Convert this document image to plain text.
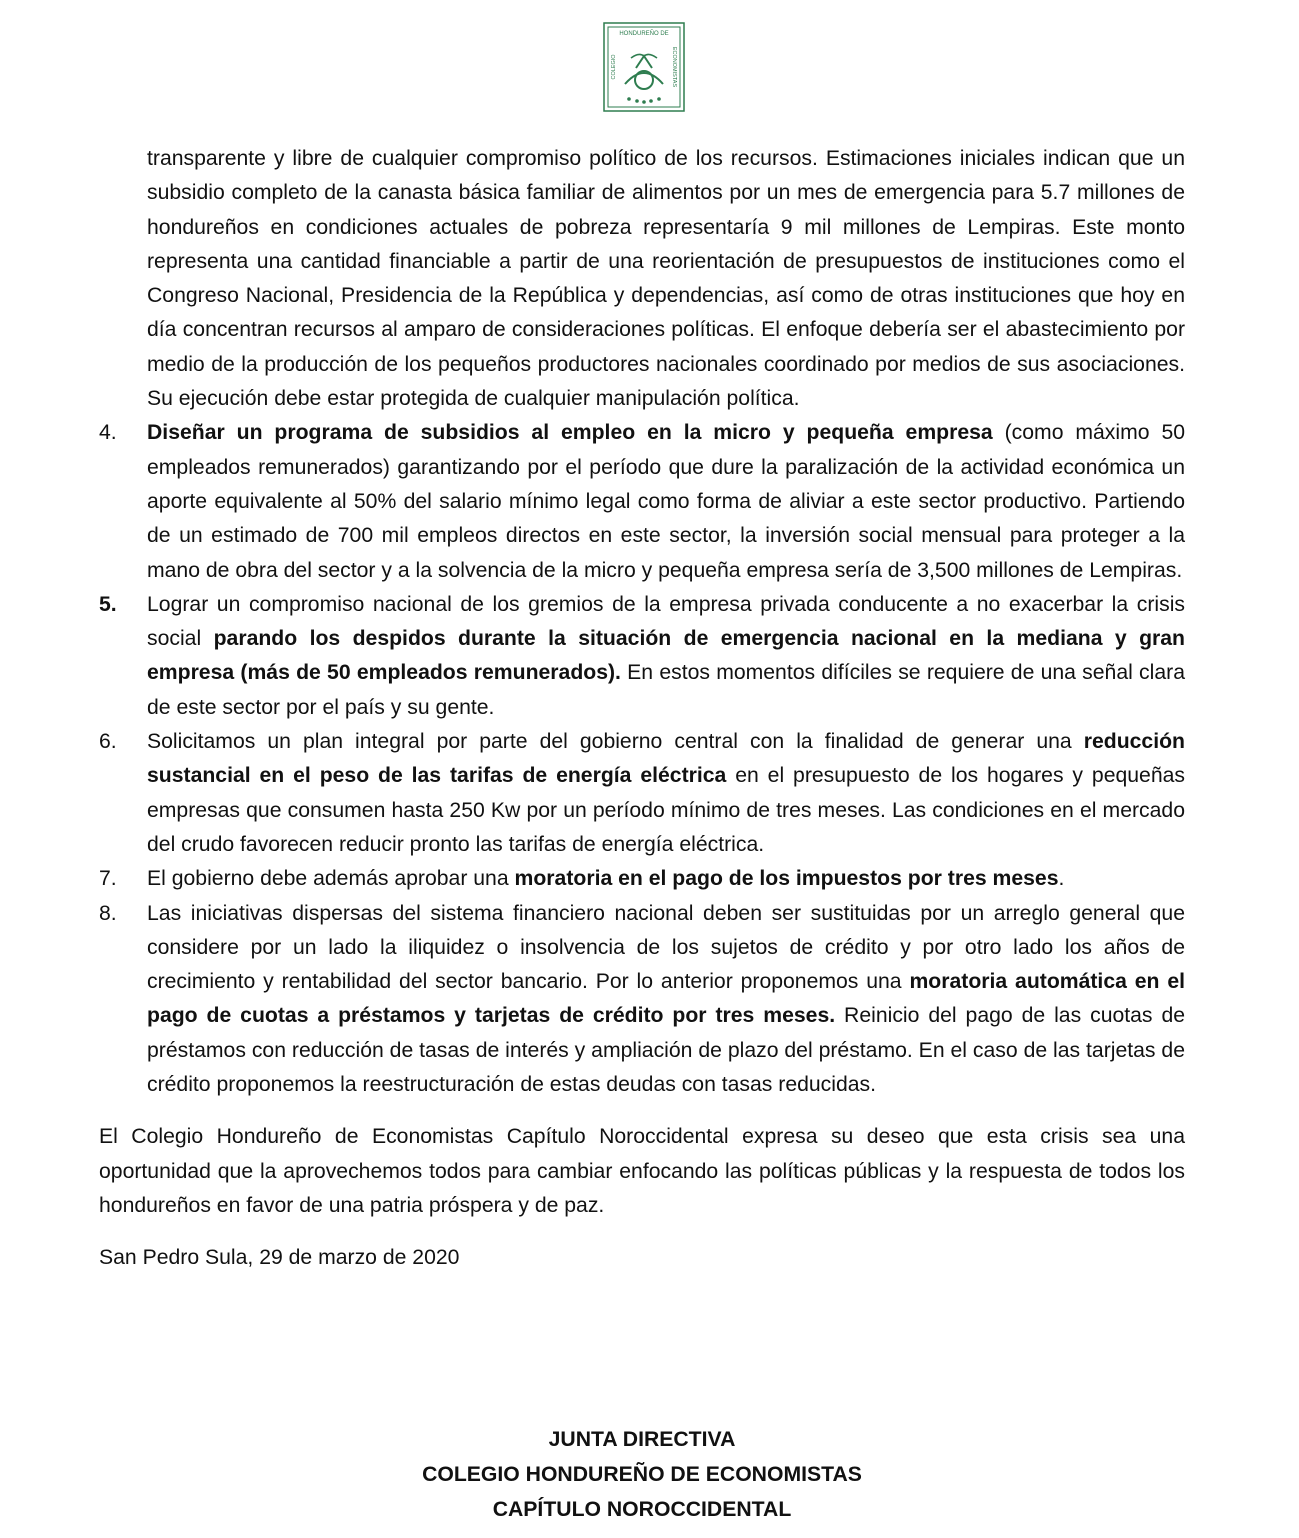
HONDUREÑO DE
COLEGIO	ECONOMISTAS

transparente y libre de cualquier compromiso político de los recursos. Estimaciones iniciales indican que un subsidio completo de la canasta básica familiar de alimentos por un mes de emergencia para 5.7 millones de hondureños en condiciones actuales de pobreza representaría 9 mil millones de Lempiras. Este monto representa una cantidad financiable a partir de una reorientación de presupuestos de instituciones como el Congreso Nacional, Presidencia de la República y dependencias, así como de otras instituciones que hoy en día concentran recursos al amparo de consideraciones políticas. El enfoque debería ser el abastecimiento por medio de la producción de los pequeños productores nacionales coordinado por medios de sus asociaciones. Su ejecución debe estar protegida de cualquier manipulación política.

4. Diseñar un programa de subsidios al empleo en la micro y pequeña empresa (como máximo 50 empleados remunerados) garantizando por el período que dure la paralización de la actividad económica un aporte equivalente al 50% del salario mínimo legal como forma de aliviar a este sector productivo. Partiendo de un estimado de 700 mil empleos directos en este sector, la inversión social mensual para proteger a la mano de obra del sector y a la solvencia de la micro y pequeña empresa sería de 3,500 millones de Lempiras.
5. Lograr un compromiso nacional de los gremios de la empresa privada conducente a no exacerbar la crisis social parando los despidos durante la situación de emergencia nacional en la mediana y gran empresa (más de 50 empleados remunerados). En estos momentos difíciles se requiere de una señal clara de este sector por el país y su gente.
6. Solicitamos un plan integral por parte del gobierno central con la finalidad de generar una reducción sustancial en el peso de las tarifas de energía eléctrica en el presupuesto de los hogares y pequeñas empresas que consumen hasta 250 Kw por un período mínimo de tres meses. Las condiciones en el mercado del crudo favorecen reducir pronto las tarifas de energía eléctrica.
7. El gobierno debe además aprobar una moratoria en el pago de los impuestos por tres meses.
8. Las iniciativas dispersas del sistema financiero nacional deben ser sustituidas por un arreglo general que considere por un lado la iliquidez o insolvencia de los sujetos de crédito y por otro lado los años de crecimiento y rentabilidad del sector bancario. Por lo anterior proponemos una moratoria automática en el pago de cuotas a préstamos y tarjetas de crédito por tres meses. Reinicio del pago de las cuotas de préstamos con reducción de tasas de interés y ampliación de plazo del préstamo. En el caso de las tarjetas de crédito proponemos la reestructuración de estas deudas con tasas reducidas.

El Colegio Hondureño de Economistas Capítulo Noroccidental expresa su deseo que esta crisis sea una oportunidad que la aprovechemos todos para cambiar enfocando las políticas públicas y la respuesta de todos los hondureños en favor de una patria próspera y de paz.

San Pedro Sula, 29 de marzo de 2020

JUNTA DIRECTIVA
COLEGIO HONDUREÑO DE ECONOMISTAS
CAPÍTULO NOROCCIDENTAL
